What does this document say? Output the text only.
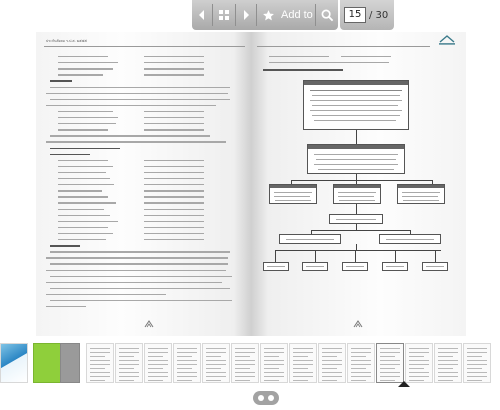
Add to	15 / 30
ประกันสังคม ร.ป.ส. ๒๕๕๕
